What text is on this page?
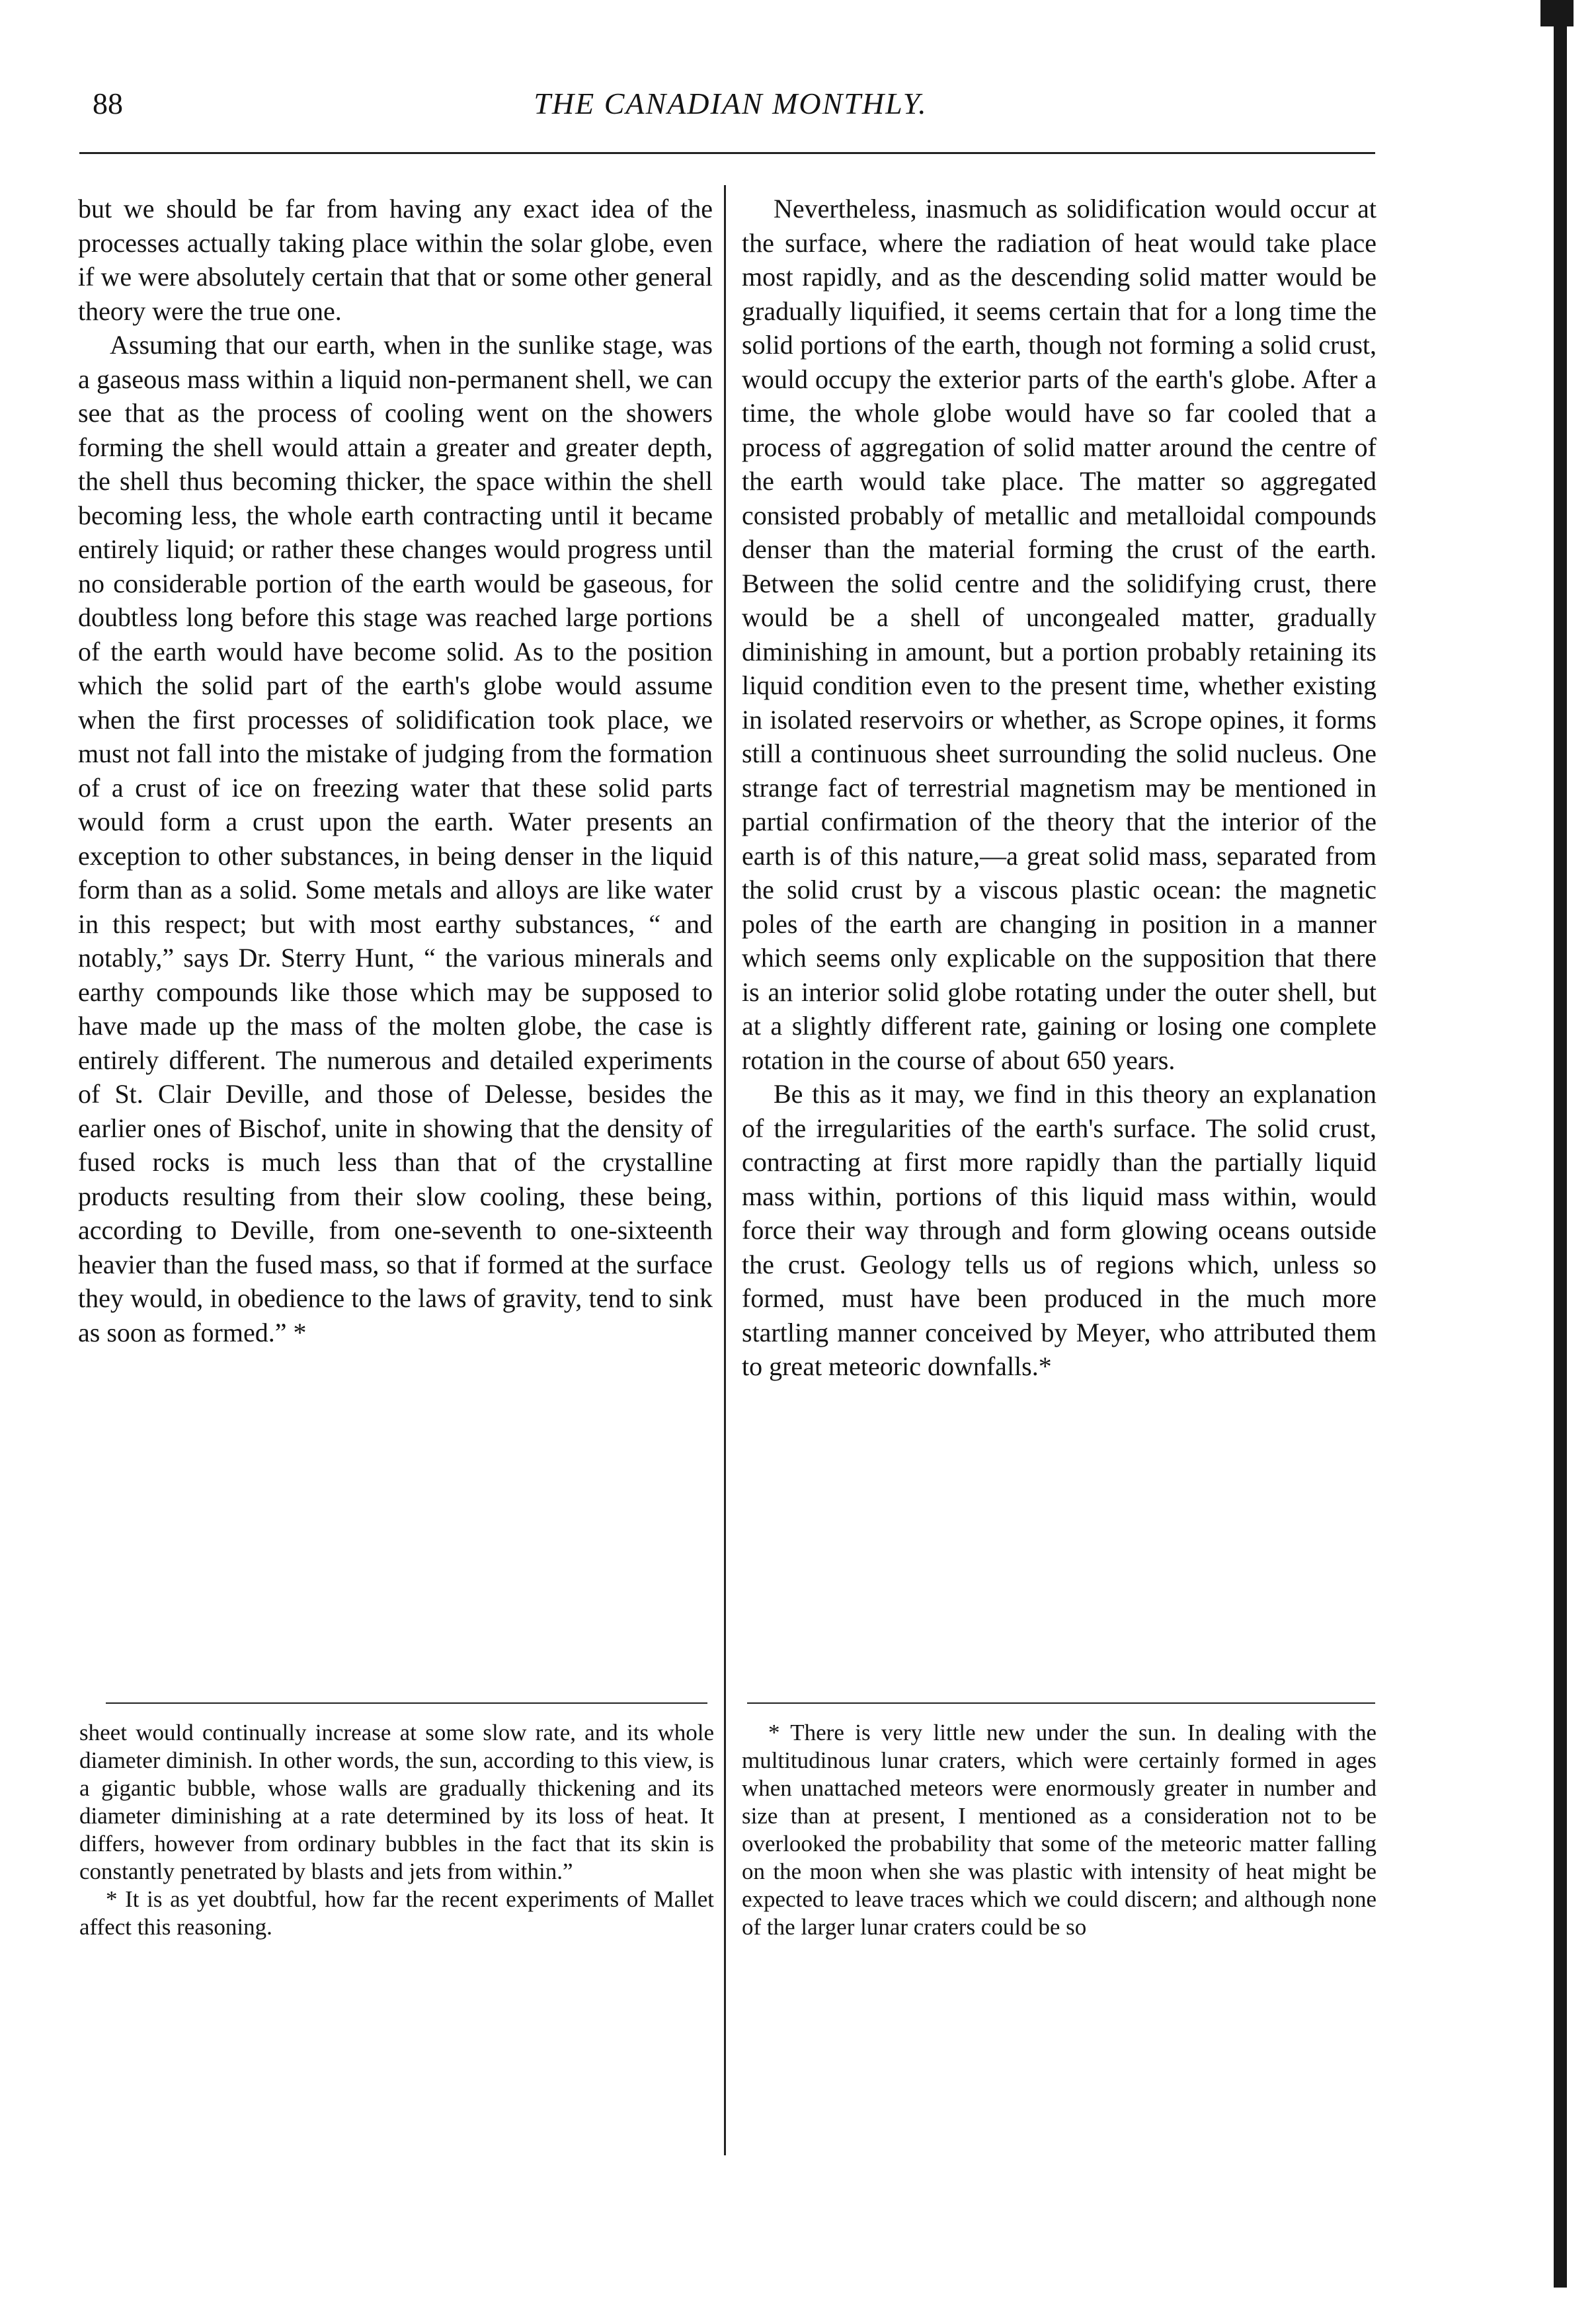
88	THE CANADIAN MONTHLY.

but we should be far from having any exact idea of the processes actually taking place within the solar globe, even if we were absolutely certain that that or some other general theory were the true one.

Assuming that our earth, when in the sunlike stage, was a gaseous mass within a liquid non-permanent shell, we can see that as the process of cooling went on the showers forming the shell would attain a greater and greater depth, the shell thus becoming thicker, the space within the shell becoming less, the whole earth contracting until it became entirely liquid; or rather these changes would progress until no considerable portion of the earth would be gaseous, for doubtless long before this stage was reached large portions of the earth would have become solid. As to the position which the solid part of the earth's globe would assume when the first processes of solidification took place, we must not fall into the mistake of judging from the formation of a crust of ice on freezing water that these solid parts would form a crust upon the earth. Water presents an exception to other substances, in being denser in the liquid form than as a solid. Some metals and alloys are like water in this respect; but with most earthy substances, “ and notably,” says Dr. Sterry Hunt, “ the various minerals and earthy compounds like those which may be supposed to have made up the mass of the molten globe, the case is entirely different. The numerous and detailed experiments of St. Clair Deville, and those of Delesse, besides the earlier ones of Bischof, unite in showing that the density of fused rocks is much less than that of the crystalline products resulting from their slow cooling, these being, according to Deville, from one-seventh to one-sixteenth heavier than the fused mass, so that if formed at the surface they would, in obedience to the laws of gravity, tend to sink as soon as formed.” *

Nevertheless, inasmuch as solidification would occur at the surface, where the radiation of heat would take place most rapidly, and as the descending solid matter would be gradually liquified, it seems certain that for a long time the solid portions of the earth, though not forming a solid crust, would occupy the exterior parts of the earth's globe. After a time, the whole globe would have so far cooled that a process of aggregation of solid matter around the centre of the earth would take place. The matter so aggregated consisted probably of metallic and metalloidal compounds denser than the material forming the crust of the earth. Between the solid centre and the solidifying crust, there would be a shell of uncongealed matter, gradually diminishing in amount, but a portion probably retaining its liquid condition even to the present time, whether existing in isolated reservoirs or whether, as Scrope opines, it forms still a continuous sheet surrounding the solid nucleus. One strange fact of terrestrial magnetism may be mentioned in partial confirmation of the theory that the interior of the earth is of this nature,—a great solid mass, separated from the solid crust by a viscous plastic ocean: the magnetic poles of the earth are changing in position in a manner which seems only explicable on the supposition that there is an interior solid globe rotating under the outer shell, but at a slightly different rate, gaining or losing one complete rotation in the course of about 650 years.

Be this as it may, we find in this theory an explanation of the irregularities of the earth's surface. The solid crust, contracting at first more rapidly than the partially liquid mass within, portions of this liquid mass within, would force their way through and form glowing oceans outside the crust. Geology tells us of regions which, unless so formed, must have been produced in the much more startling manner conceived by Meyer, who attributed them to great meteoric downfalls.*

sheet would continually increase at some slow rate, and its whole diameter diminish. In other words, the sun, according to this view, is a gigantic bubble, whose walls are gradually thickening and its diameter diminishing at a rate determined by its loss of heat. It differs, however from ordinary bubbles in the fact that its skin is constantly penetrated by blasts and jets from within.”

* It is as yet doubtful, how far the recent experiments of Mallet affect this reasoning.

* There is very little new under the sun. In dealing with the multitudinous lunar craters, which were certainly formed in ages when unattached meteors were enormously greater in number and size than at present, I mentioned as a consideration not to be overlooked the probability that some of the meteoric matter falling on the moon when she was plastic with intensity of heat might be expected to leave traces which we could discern; and although none of the larger lunar craters could be so
